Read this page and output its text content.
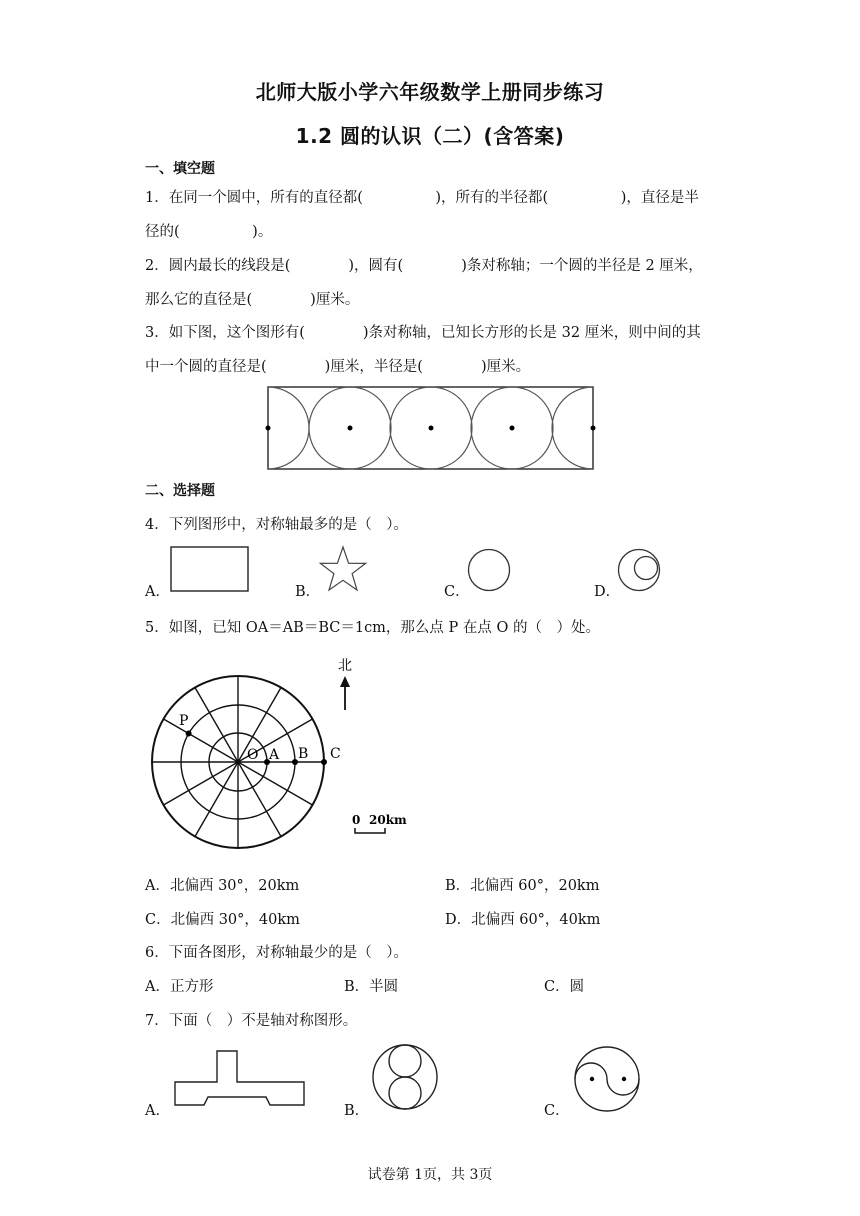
北师大版小学六年级数学上册同步练习
1.2 圆的认识（二）(含答案)
一、填空题
1．在同一个圆中，所有的直径都(　　　　　)，所有的半径都(　　　　　)，直径是半
径的(　　　　　)。
2．圆内最长的线段是(　　　　)，圆有(　　　　)条对称轴；一个圆的半径是 2 厘米，
那么它的直径是(　　　　)厘米。
3．如下图，这个图形有(　　　　)条对称轴，已知长方形的长是 32 厘米，则中间的其
中一个圆的直径是(　　　　)厘米，半径是(　　　　)厘米。
二、选择题
4．下列图形中，对称轴最多的是（　）。
A．	B．	C．	D．
5．如图，已知 OA＝AB＝BC＝1cm，那么点 P 在点 O 的（　）处。
P
O A B C
北
0 20km
A．北偏西 30°，20km	B．北偏西 60°，20km
C．北偏西 30°，40km	D．北偏西 60°，40km
6．下面各图形，对称轴最少的是（　）。
A．正方形	B．半圆	C．圆
7．下面（　）不是轴对称图形。
A．	B．	C．
试卷第 1页，共 3页
